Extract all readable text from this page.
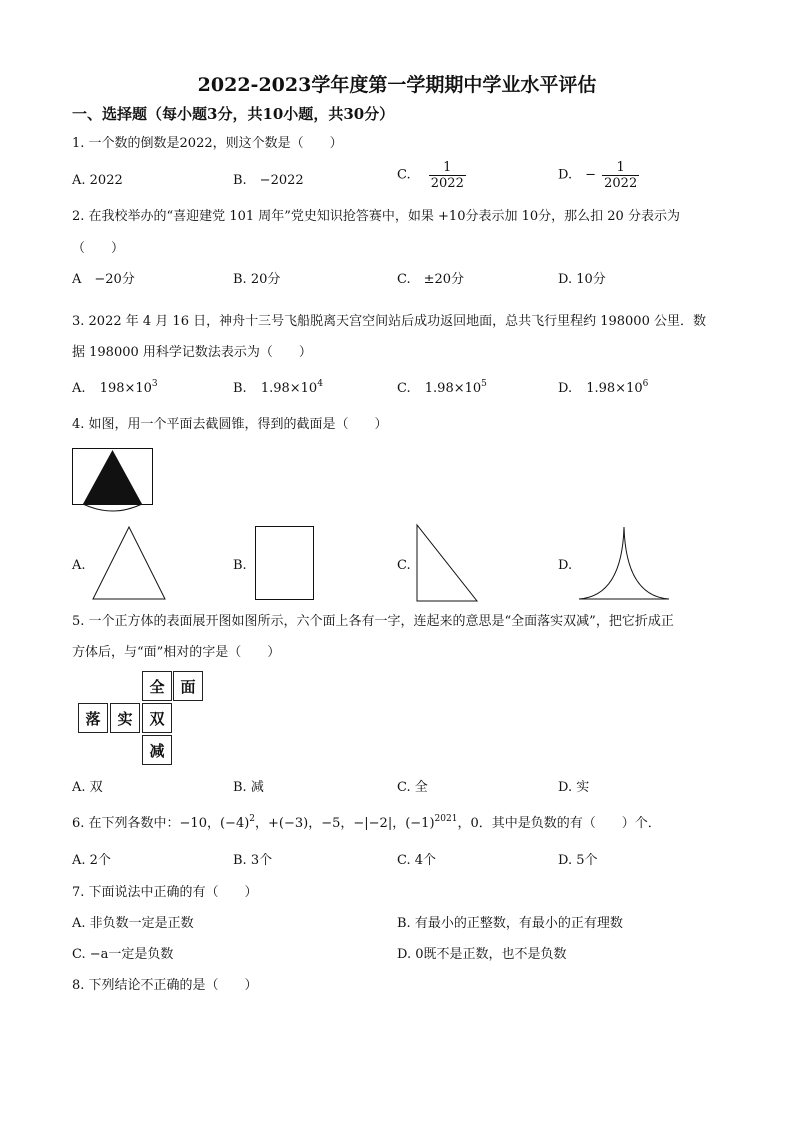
2022-2023学年度第一学期期中学业水平评估
一、选择题（每小题3分，共10小题，共30分）
1. 一个数的倒数是2022，则这个数是（　　）
A. 2022	B.　−2022	C. $\frac{1}{2022}$	D.　− $\frac{1}{2022}$
2. 在我校举办的“喜迎建党 101 周年”党史知识抢答赛中，如果 +10分表示加 10分，那么扣 20 分表示为
（　　）
A　−20分	B. 20分	C.　±20分	D. 10分
3. 2022 年 4 月 16 日，神舟十三号飞船脱离天宫空间站后成功返回地面，总共飞行里程约 198000 公里．数
据 198000 用科学记数法表示为（　　）
A. $198\times 10^3$	B. $1.98\times 10^4$	C. $1.98\times 10^5$	D. $1.98\times 10^6$
4. 如图，用一个平面去截圆锥，得到的截面是（　　）
A.	B.	C.	D.
5. 一个正方体的表面展开图如图所示，六个面上各有一字，连起来的意思是“全面落实双减”，把它折成正
方体后，与“面”相对的字是（　　）
全	面
落	实	双
减
A. 双	B. 减	C. 全	D. 实
6. 在下列各数中：−10，$(-4)^2$，+(−3)，−5，−|−2|，$(-1)^{2021}$，0．其中是负数的有（　　）个．
A. 2个	B. 3个	C. 4个	D. 5个
7. 下面说法中正确的有（　　）
A. 非负数一定是正数	B. 有最小的正整数，有最小的正有理数
C. −a一定是负数	D. 0既不是正数，也不是负数
8. 下列结论不正确的是（　　）
